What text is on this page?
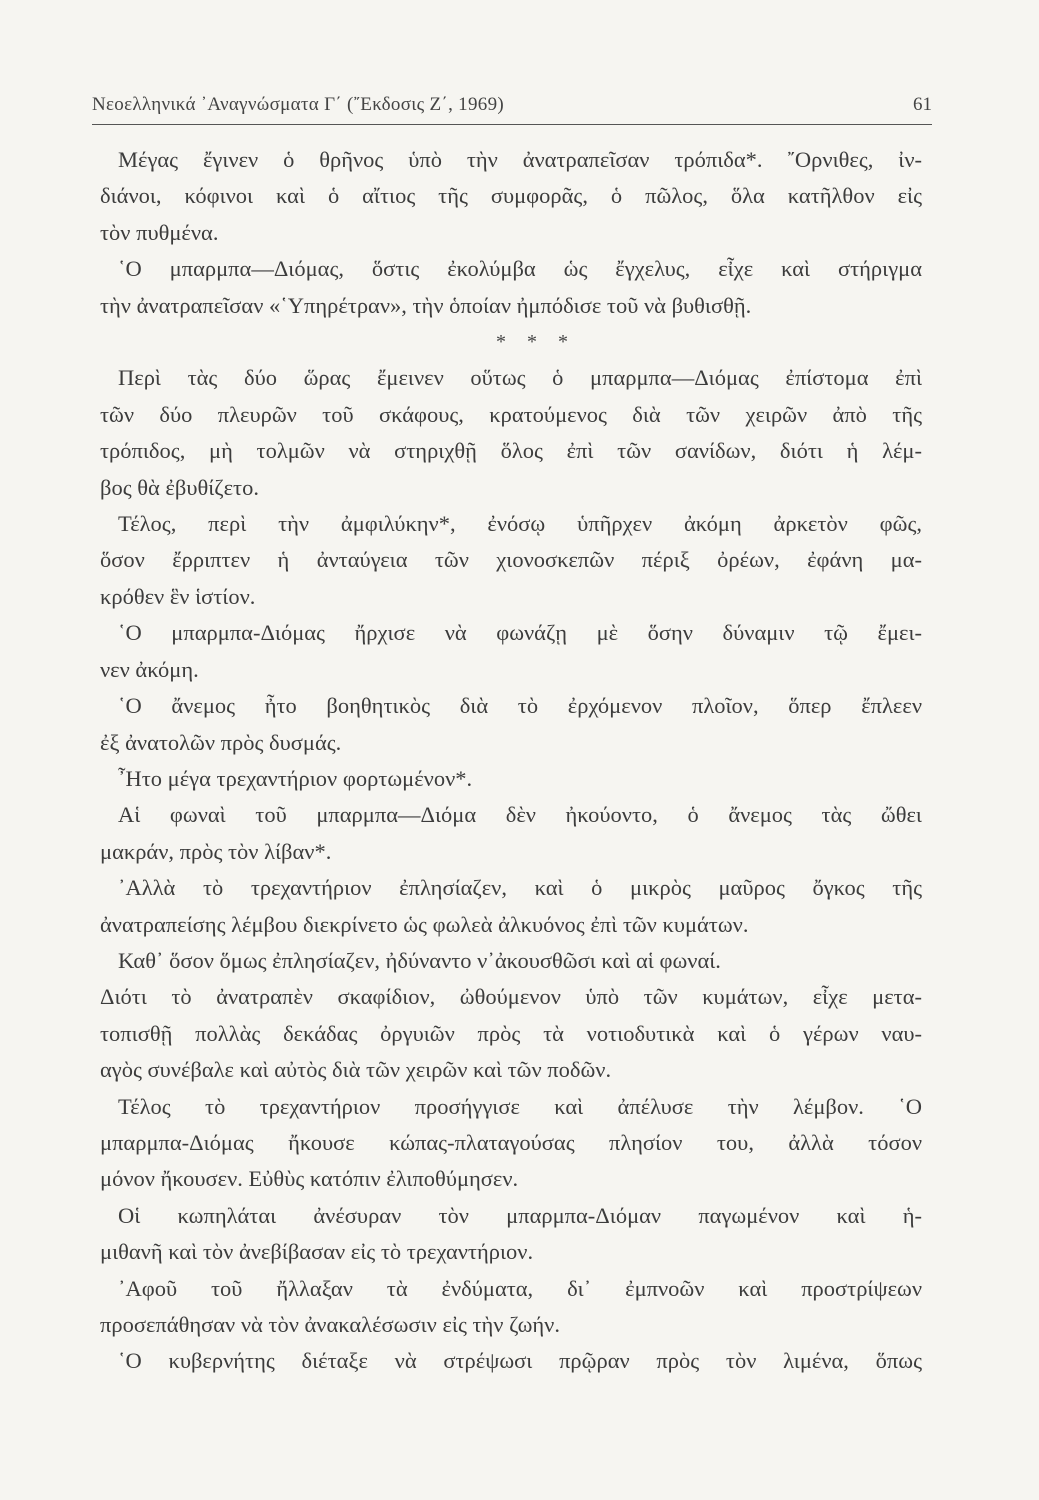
Νεοελληνικά ᾿Αναγνώσματα Γ΄ (῎Εκδοσις Ζ΄, 1969)	61
Μέγας ἔγινεν ὁ θρῆνος ὑπὸ τὴν ἀνατραπεῖσαν τρόπιδα*. ῎Ορνιθες, ἰν-
διάνοι, κόφινοι καὶ ὁ αἴτιος τῆς συμφορᾶς, ὁ πῶλος, ὅλα κατῆλθον εἰς
τὸν πυθμένα.
῾Ο μπαρμπα—Διόμας, ὅστις ἐκολύμβα ὡς ἔγχελυς, εἶχε καὶ στήριγμα
τὴν ἀνατραπεῖσαν «῾Υπηρέτραν», τὴν ὁποίαν ἠμπόδισε τοῦ νὰ βυθισθῇ.
* * *
Περὶ τὰς δύο ὥρας ἔμεινεν οὕτως ὁ μπαρμπα—Διόμας ἐπίστομα ἐπὶ
τῶν δύο πλευρῶν τοῦ σκάφους, κρατούμενος διὰ τῶν χειρῶν ἀπὸ τῆς
τρόπιδος, μὴ τολμῶν νὰ στηριχθῇ ὅλος ἐπὶ τῶν σανίδων, διότι ἡ λέμ-
βος θὰ ἐβυθίζετο.
Τέλος, περὶ τὴν ἀμφιλύκην*, ἐνόσῳ ὑπῆρχεν ἀκόμη ἀρκετὸν φῶς,
ὅσον ἔρριπτεν ἡ ἀνταύγεια τῶν χιονοσκεπῶν πέριξ ὀρέων, ἐφάνη μα-
κρόθεν ἓν ἱστίον.
῾Ο μπαρμπα-Διόμας ἤρχισε νὰ φωνάζῃ μὲ ὅσην δύναμιν τῷ ἔμει-
νεν ἀκόμη.
῾Ο ἄνεμος ἦτο βοηθητικὸς διὰ τὸ ἐρχόμενον πλοῖον, ὅπερ ἔπλεεν
ἐξ ἀνατολῶν πρὸς δυσμάς.
῏Ητο μέγα τρεχαντήριον φορτωμένον*.
Αἱ φωναὶ τοῦ μπαρμπα—Διόμα δὲν ἠκούοντο, ὁ ἄνεμος τὰς ὤθει
μακράν, πρὸς τὸν λίβαν*.
᾿Αλλὰ τὸ τρεχαντήριον ἐπλησίαζεν, καὶ ὁ μικρὸς μαῦρος ὄγκος τῆς
ἀνατραπείσης λέμβου διεκρίνετο ὡς φωλεὰ ἀλκυόνος ἐπὶ τῶν κυμάτων.
Καθ᾿ ὅσον ὅμως ἐπλησίαζεν, ἠδύναντο ν᾿ἀκουσθῶσι καὶ αἱ φωναί.
Διότι τὸ ἀνατραπὲν σκαφίδιον, ὠθούμενον ὑπὸ τῶν κυμάτων, εἶχε μετα-
τοπισθῇ πολλὰς δεκάδας ὀργυιῶν πρὸς τὰ νοτιοδυτικὰ καὶ ὁ γέρων ναυ-
αγὸς συνέβαλε καὶ αὐτὸς διὰ τῶν χειρῶν καὶ τῶν ποδῶν.
Τέλος τὸ τρεχαντήριον προσήγγισε καὶ ἀπέλυσε τὴν λέμβον. ῾Ο
μπαρμπα-Διόμας ἤκουσε κώπας-πλαταγούσας πλησίον του, ἀλλὰ τόσον
μόνον ἤκουσεν. Εὐθὺς κατόπιν ἐλιποθύμησεν.
Οἱ κωπηλάται ἀνέσυραν τὸν μπαρμπα-Διόμαν παγωμένον καὶ ἡ-
μιθανῆ καὶ τὸν ἀνεβίβασαν εἰς τὸ τρεχαντήριον.
᾿Αφοῦ τοῦ ἤλλαξαν τὰ ἐνδύματα, δι᾿ ἐμπνοῶν καὶ προστρίψεων
προσεπάθησαν νὰ τὸν ἀνακαλέσωσιν εἰς τὴν ζωήν.
῾Ο κυβερνήτης διέταξε νὰ στρέψωσι πρῷραν πρὸς τὸν λιμένα, ὅπως
